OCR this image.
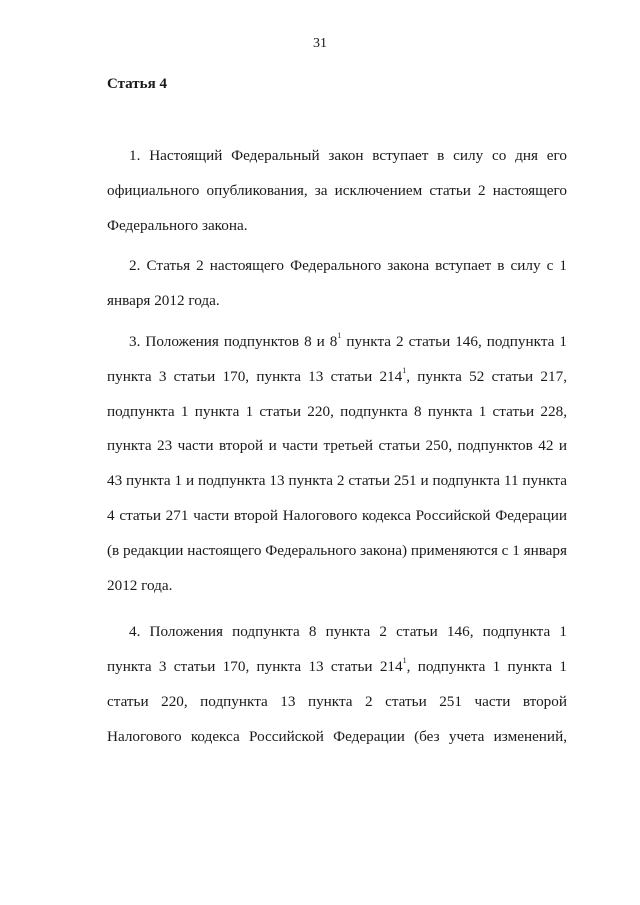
31
Статья 4

1. Настоящий Федеральный закон вступает в силу со дня его официального опубликования, за исключением статьи 2 настоящего Федерального закона.

2. Статья 2 настоящего Федерального закона вступает в силу с 1 января 2012 года.

3. Положения подпунктов 8 и $8^1$ пункта 2 статьи 146, подпункта 1 пункта 3 статьи 170, пункта 13 статьи $214^1$, пункта 52 статьи 217, подпункта 1 пункта 1 статьи 220, подпункта 8 пункта 1 статьи 228, пункта 23 части второй и части третьей статьи 250, подпунктов 42 и 43 пункта 1 и подпункта 13 пункта 2 статьи 251 и подпункта 11 пункта 4 статьи 271 части второй Налогового кодекса Российской Федерации (в редакции настоящего Федерального закона) применяются с 1 января 2012 года.

4. Положения подпункта 8 пункта 2 статьи 146, подпункта 1 пункта 3 статьи 170, пункта 13 статьи $214^1$, подпункта 1 пункта 1 статьи 220, подпункта 13 пункта 2 статьи 251 части второй Налогового кодекса Российской Федерации (без учета изменений,
